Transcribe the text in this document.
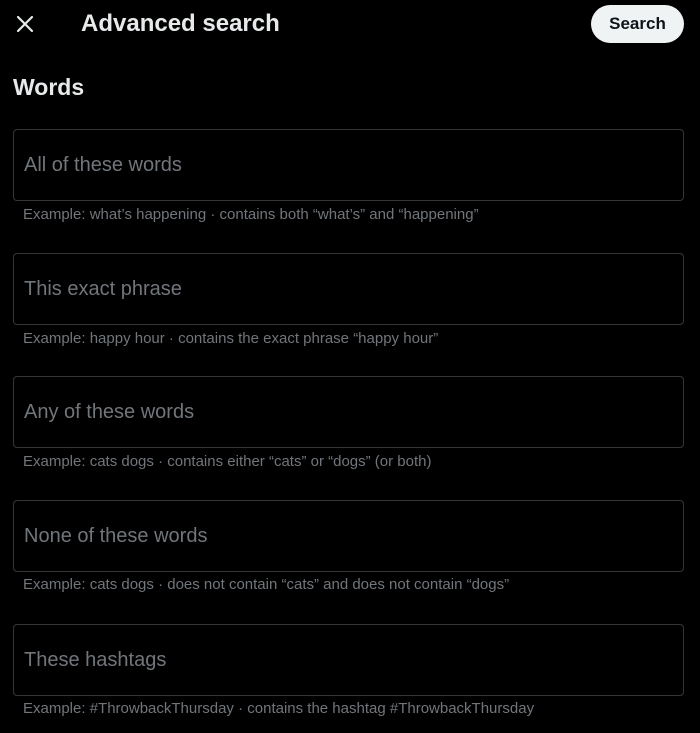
Advanced search	Search
Words
All of these words
Example: what’s happening · contains both “what’s” and “happening”
This exact phrase
Example: happy hour · contains the exact phrase “happy hour”
Any of these words
Example: cats dogs · contains either “cats” or “dogs” (or both)
None of these words
Example: cats dogs · does not contain “cats” and does not contain “dogs”
These hashtags
Example: #ThrowbackThursday · contains the hashtag #ThrowbackThursday
